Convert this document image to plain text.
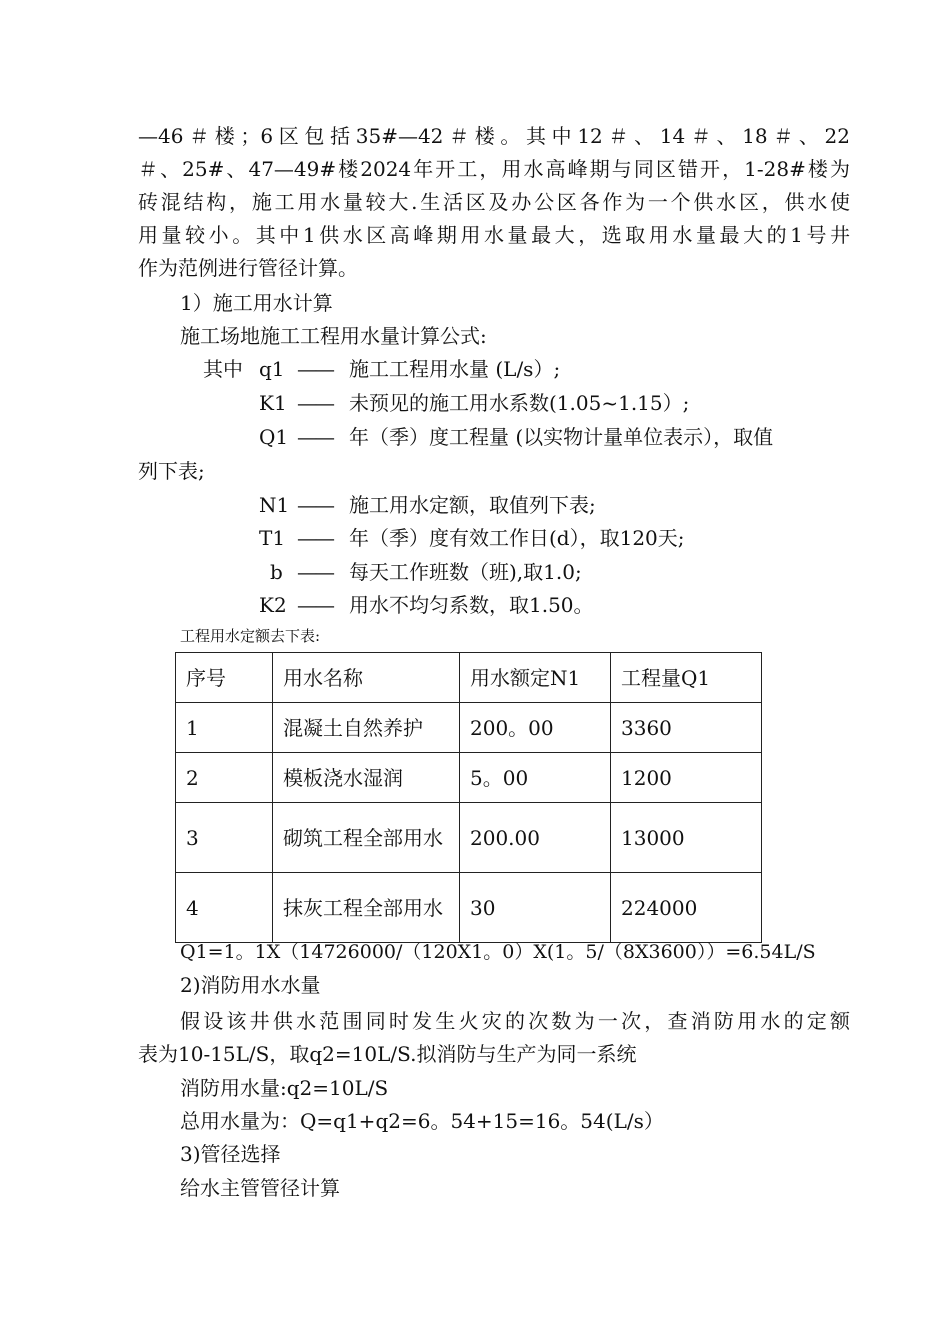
—46＃楼；6区包括35#—42＃楼。其中12＃、14＃、18＃、22
＃、25#、47—49#楼2024年开工，用水高峰期与同区错开，1-28#楼为
砖混结构，施工用水量较大.生活区及办公区各作为一个供水区，供水使
用量较小。其中1供水区高峰期用水量最大，选取用水量最大的1号井
作为范例进行管径计算。
1）施工用水计算
施工场地施工工程用水量计算公式:
其中 q1 —— 施工工程用水量 (L/s）;
K1 —— 未预见的施工用水系数(1.05~1.15）;
Q1 —— 年（季）度工程量 (以实物计量单位表示），取值
列下表;
N1 —— 施工用水定额，取值列下表;
T1 —— 年（季）度有效工作日(d），取120天;
b —— 每天工作班数（班),取1.0;
K2 —— 用水不均匀系数，取1.50。
工程用水定额去下表:
序号	用水名称	用水额定N1	工程量Q1
1	混凝土自然养护	200。00	3360
2	模板浇水湿润	5。00	1200
3	砌筑工程全部用水	200.00	13000
4	抹灰工程全部用水	30	224000
Q1=1。1X（14726000/（120X1。0）X(1。5/（8X3600））=6.54L/S
2)消防用水水量
假设该井供水范围同时发生火灾的次数为一次，查消防用水的定额
表为10-15L/S，取q2=10L/S.拟消防与生产为同一系统
消防用水量:q2=10L/S
总用水量为：Q=q1+q2=6。54+15=16。54(L/s）
3)管径选择
给水主管管径计算
